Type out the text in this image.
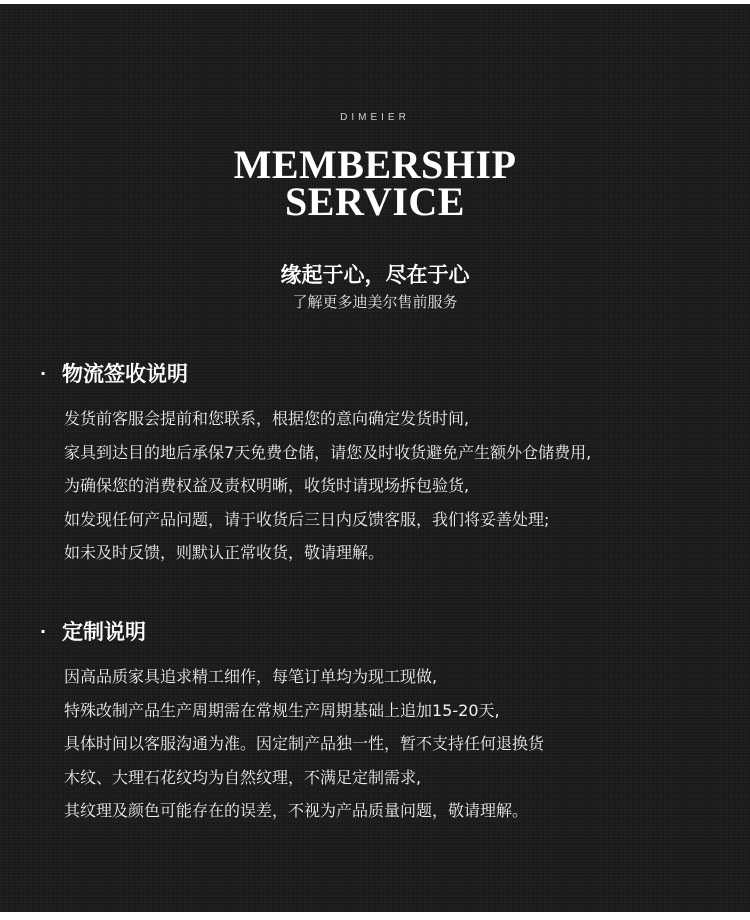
DIMEIER
MEMBERSHIP
SERVICE
缘起于心，尽在于心
了解更多迪美尔售前服务
· 物流签收说明
发货前客服会提前和您联系，根据您的意向确定发货时间,
家具到达目的地后承保7天免费仓储，请您及时收货避免产生额外仓储费用,
为确保您的消费权益及责权明晰，收货时请现场拆包验货,
如发现任何产品问题，请于收货后三日内反馈客服，我们将妥善处理;
如未及时反馈，则默认正常收货，敬请理解。
· 定制说明
因高品质家具追求精工细作，每笔订单均为现工现做,
特殊改制产品生产周期需在常规生产周期基础上追加15-20天,
具体时间以客服沟通为准。因定制产品独一性，暂不支持任何退换货
木纹、大理石花纹均为自然纹理，不满足定制需求,
其纹理及颜色可能存在的误差，不视为产品质量问题，敬请理解。
